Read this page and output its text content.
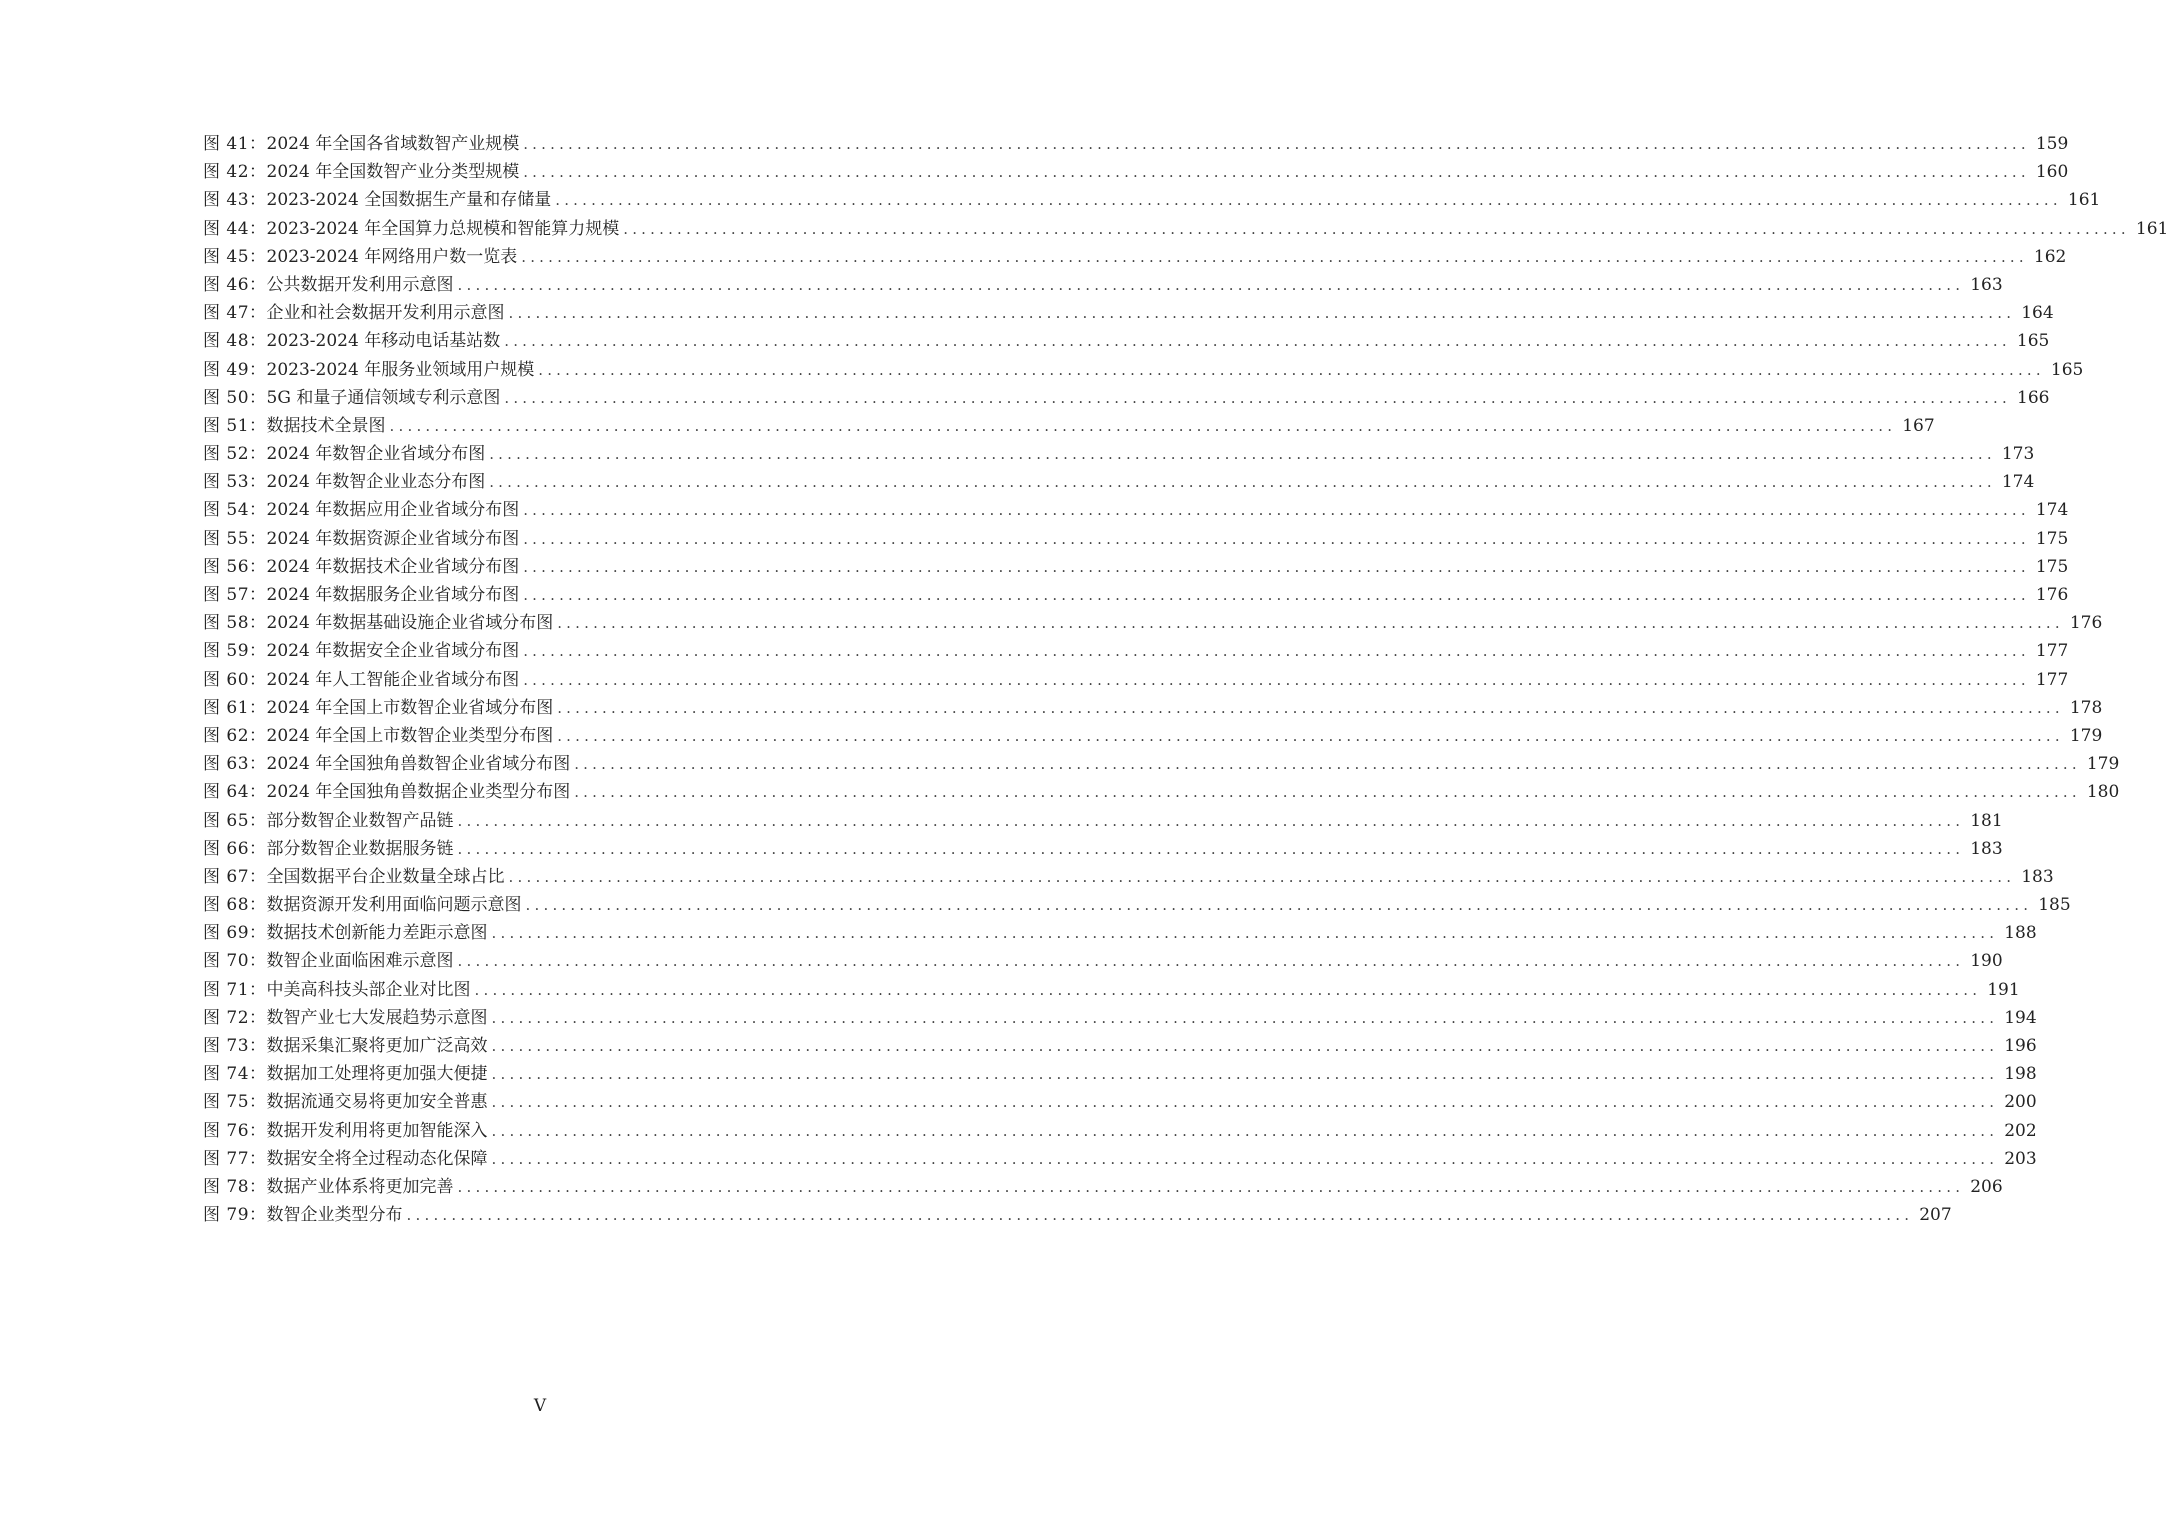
图 41： 2024 年全国各省域数智产业规模 .....	159
图 42： 2024 年全国数智产业分类型规模 .....	160
图 43： 2023-2024 全国数据生产量和存储量 .....	161
图 44： 2023-2024 年全国算力总规模和智能算力规模 .....	161
图 45： 2023-2024 年网络用户数一览表 .....	162
图 46： 公共数据开发利用示意图 .....	163
图 47： 企业和社会数据开发利用示意图 .....	164
图 48： 2023-2024 年移动电话基站数 .....	165
图 49： 2023-2024 年服务业领域用户规模 .....	165
图 50： 5G 和量子通信领域专利示意图 .....	166
图 51： 数据技术全景图 .....	167
图 52： 2024 年数智企业省域分布图 .....	173
图 53： 2024 年数智企业业态分布图 .....	174
图 54： 2024 年数据应用企业省域分布图 .....	174
图 55： 2024 年数据资源企业省域分布图 .....	175
图 56： 2024 年数据技术企业省域分布图 .....	175
图 57： 2024 年数据服务企业省域分布图 .....	176
图 58： 2024 年数据基础设施企业省域分布图 .....	176
图 59： 2024 年数据安全企业省域分布图 .....	177
图 60： 2024 年人工智能企业省域分布图 .....	177
图 61： 2024 年全国上市数智企业省域分布图 .....	178
图 62： 2024 年全国上市数智企业类型分布图 .....	179
图 63： 2024 年全国独角兽数智企业省域分布图 .....	179
图 64： 2024 年全国独角兽数据企业类型分布图 .....	180
图 65： 部分数智企业数智产品链 .....	181
图 66： 部分数智企业数据服务链 .....	183
图 67： 全国数据平台企业数量全球占比 .....	183
图 68： 数据资源开发利用面临问题示意图 .....	185
图 69： 数据技术创新能力差距示意图 .....	188
图 70： 数智企业面临困难示意图 .....	190
图 71： 中美高科技头部企业对比图 .....	191
图 72： 数智产业七大发展趋势示意图 .....	194
图 73： 数据采集汇聚将更加广泛高效 .....	196
图 74： 数据加工处理将更加强大便捷 .....	198
图 75： 数据流通交易将更加安全普惠 .....	200
图 76： 数据开发利用将更加智能深入 .....	202
图 77： 数据安全将全过程动态化保障 .....	203
图 78： 数据产业体系将更加完善 .....	206
图 79： 数智企业类型分布 .....	207
V
